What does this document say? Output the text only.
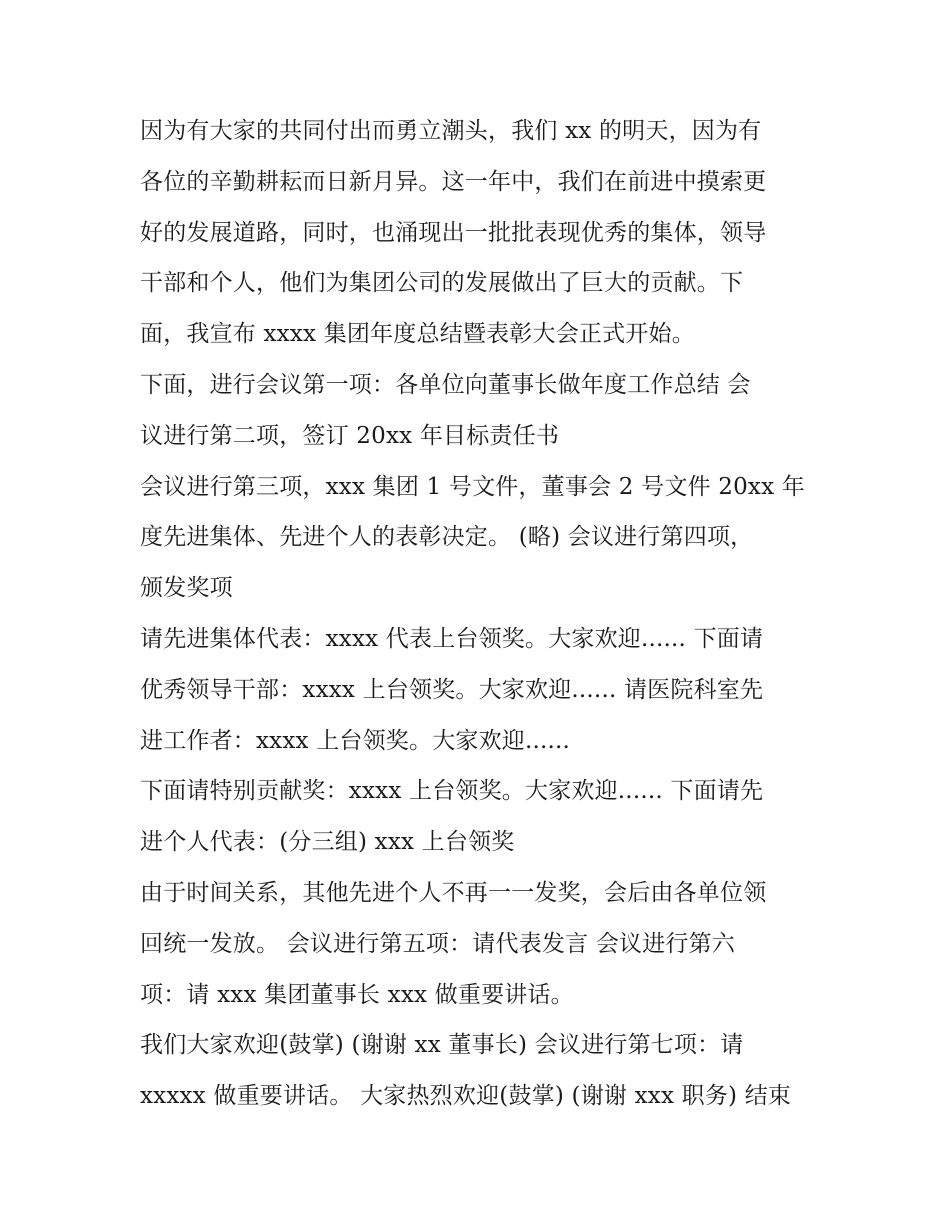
因为有大家的共同付出而勇立潮头，我们 xx 的明天，因为有
各位的辛勤耕耘而日新月异。这一年中，我们在前进中摸索更
好的发展道路，同时，也涌现出一批批表现优秀的集体，领导
干部和个人，他们为集团公司的发展做出了巨大的贡献。下
面，我宣布 xxxx 集团年度总结暨表彰大会正式开始。
下面，进行会议第一项：各单位向董事长做年度工作总结 会
议进行第二项，签订 20xx 年目标责任书
会议进行第三项，xxx 集团 1 号文件，董事会 2 号文件 20xx 年
度先进集体、先进个人的表彰决定。 (略) 会议进行第四项，
颁发奖项
请先进集体代表：xxxx 代表上台领奖。大家欢迎...... 下面请
优秀领导干部：xxxx 上台领奖。大家欢迎...... 请医院科室先
进工作者：xxxx 上台领奖。大家欢迎......
下面请特别贡献奖：xxxx 上台领奖。大家欢迎...... 下面请先
进个人代表：(分三组) xxx 上台领奖
由于时间关系，其他先进个人不再一一发奖，会后由各单位领
回统一发放。 会议进行第五项：请代表发言 会议进行第六
项：请 xxx 集团董事长 xxx 做重要讲话。
我们大家欢迎(鼓掌) (谢谢 xx 董事长) 会议进行第七项：请
xxxxx 做重要讲话。 大家热烈欢迎(鼓掌) (谢谢 xxx 职务) 结束
